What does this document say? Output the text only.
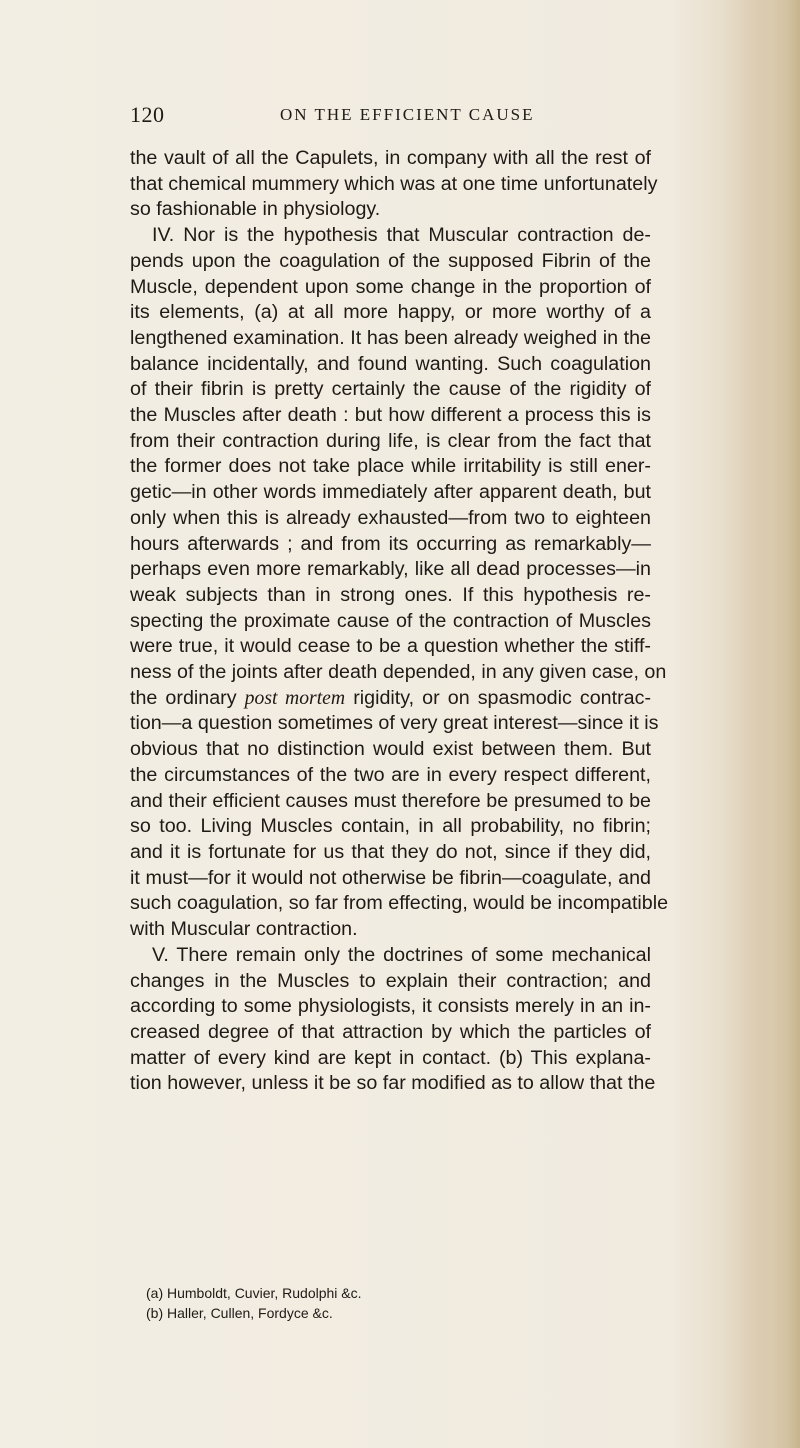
120	ON THE EFFICIENT CAUSE
the vault of all the Capulets, in company with all the rest of
that chemical mummery which was at one time unfortunately
so fashionable in physiology.
IV. Nor is the hypothesis that Muscular contraction de-
pends upon the coagulation of the supposed Fibrin of the
Muscle, dependent upon some change in the proportion of
its elements, (a) at all more happy, or more worthy of a
lengthened examination. It has been already weighed in the
balance incidentally, and found wanting. Such coagulation
of their fibrin is pretty certainly the cause of the rigidity of
the Muscles after death : but how different a process this is
from their contraction during life, is clear from the fact that
the former does not take place while irritability is still ener-
getic—in other words immediately after apparent death, but
only when this is already exhausted—from two to eighteen
hours afterwards ; and from its occurring as remarkably—
perhaps even more remarkably, like all dead processes—in
weak subjects than in strong ones. If this hypothesis re-
specting the proximate cause of the contraction of Muscles
were true, it would cease to be a question whether the stiff-
ness of the joints after death depended, in any given case, on
the ordinary post mortem rigidity, or on spasmodic contrac-
tion—a question sometimes of very great interest—since it is
obvious that no distinction would exist between them. But
the circumstances of the two are in every respect different,
and their efficient causes must therefore be presumed to be
so too. Living Muscles contain, in all probability, no fibrin;
and it is fortunate for us that they do not, since if they did,
it must—for it would not otherwise be fibrin—coagulate, and
such coagulation, so far from effecting, would be incompatible
with Muscular contraction.
V. There remain only the doctrines of some mechanical
changes in the Muscles to explain their contraction; and
according to some physiologists, it consists merely in an in-
creased degree of that attraction by which the particles of
matter of every kind are kept in contact. (b) This explana-
tion however, unless it be so far modified as to allow that the
(a) Humboldt, Cuvier, Rudolphi &c.
(b) Haller, Cullen, Fordyce &c.
